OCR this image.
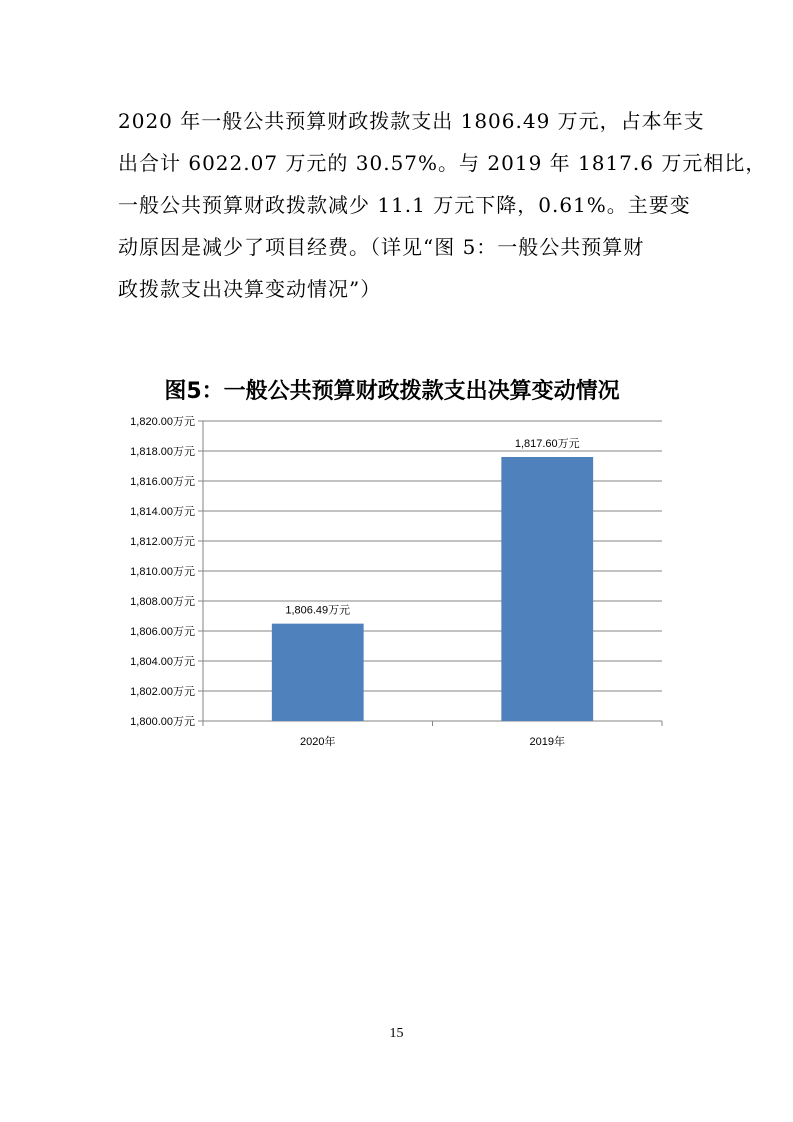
2020 年一般公共预算财政拨款支出 1806.49 万元，占本年支
出合计 6022.07 万元的 30.57%。与 2019 年 1817.6 万元相比，
一般公共预算财政拨款减少 11.1 万元下降，0.61%。主要变
动原因是减少了项目经费。（详见“图 5：一般公共预算财
政拨款支出决算变动情况”）
图5：一般公共预算财政拨款支出决算变动情况
1,800.00万元
1,802.00万元
1,804.00万元
1,806.00万元
1,808.00万元
1,810.00万元
1,812.00万元
1,814.00万元
1,816.00万元
1,818.00万元
1,820.00万元
1,806.49万元
2020年
1,817.60万元
2019年
15
